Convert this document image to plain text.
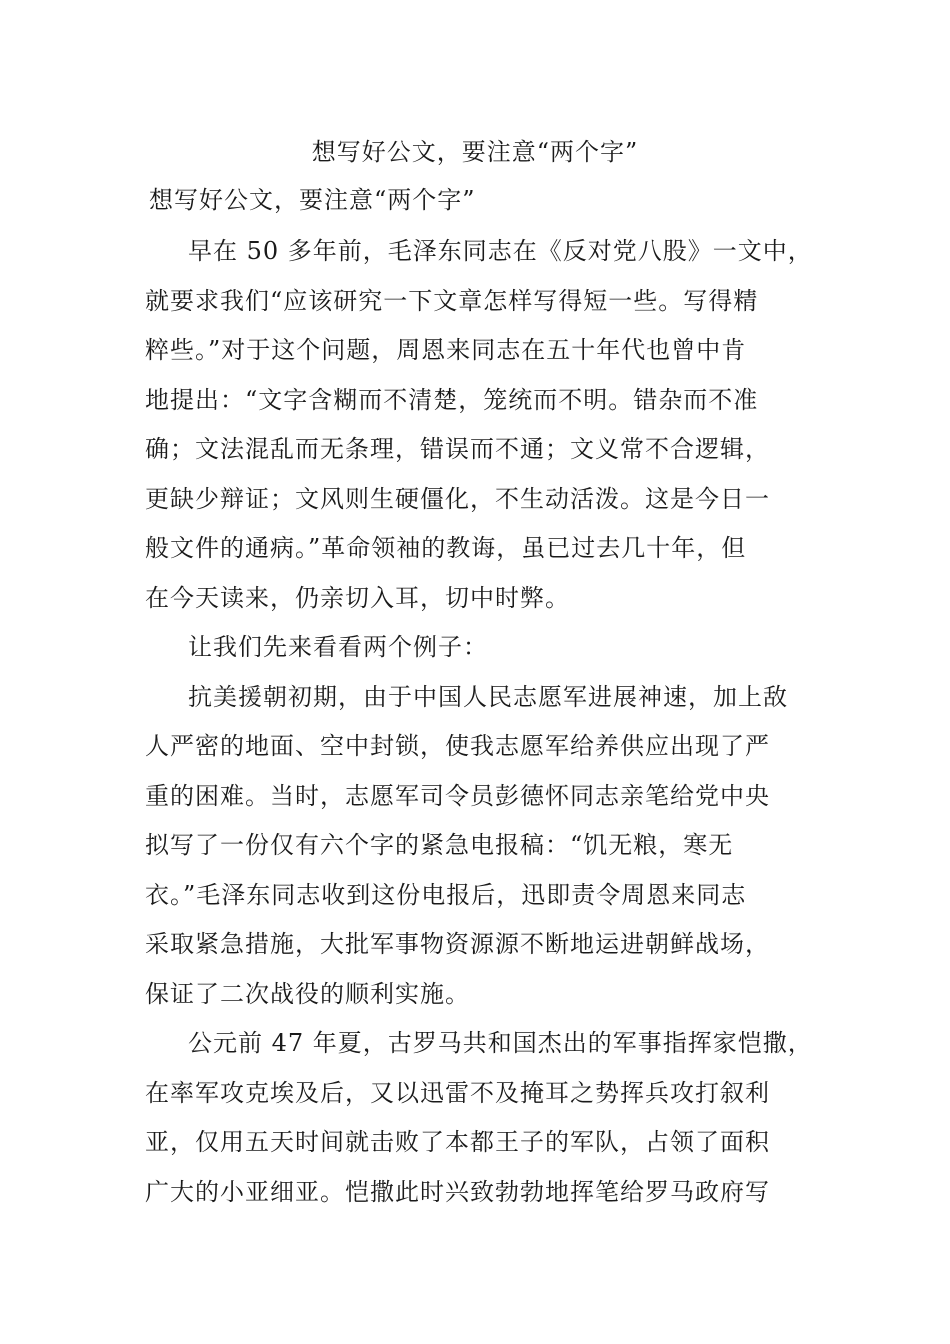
想写好公文，要注意“两个字”
想写好公文，要注意“两个字”

早在 50 多年前，毛泽东同志在《反对党八股》一文中，
就要求我们“应该研究一下文章怎样写得短一些。写得精
粹些。”对于这个问题，周恩来同志在五十年代也曾中肯
地提出：“文字含糊而不清楚，笼统而不明。错杂而不准
确；文法混乱而无条理，错误而不通；文义常不合逻辑，
更缺少辩证；文风则生硬僵化，不生动活泼。这是今日一
般文件的通病。”革命领袖的教诲，虽已过去几十年，但
在今天读来，仍亲切入耳，切中时弊。

让我们先来看看两个例子：

抗美援朝初期，由于中国人民志愿军进展神速，加上敌
人严密的地面、空中封锁，使我志愿军给养供应出现了严
重的困难。当时，志愿军司令员彭德怀同志亲笔给党中央
拟写了一份仅有六个字的紧急电报稿：“饥无粮，寒无
衣。”毛泽东同志收到这份电报后，迅即责令周恩来同志
采取紧急措施，大批军事物资源源不断地运进朝鲜战场，
保证了二次战役的顺利实施。

公元前 47 年夏，古罗马共和国杰出的军事指挥家恺撒，
在率军攻克埃及后，又以迅雷不及掩耳之势挥兵攻打叙利
亚，仅用五天时间就击败了本都王子的军队，占领了面积
广大的小亚细亚。恺撒此时兴致勃勃地挥笔给罗马政府写
